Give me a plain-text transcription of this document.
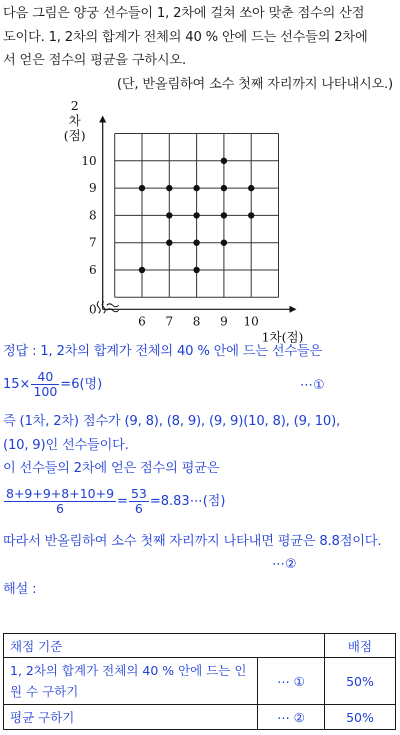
다음 그림은 양궁 선수들이 1, 2차에 걸쳐 쏘아 맞춘 점수의 산점

도이다. 1, 2차의 합계가 전체의 40 % 안에 드는 선수들의 2차에

서 얻은 점수의 평균을 구하시오.

(단, 반올림하여 소수 첫째 자리까지 나타내시오.)

6 7 8 9 10
6
7
8
9
10
0
1차(점)
2
차
(점)

정답 : 1, 2차의 합계가 전체의 40 % 안에 드는 선수들은

$15\times \frac{40}{100} =6$(명)	⋯①

즉 (1차, 2차) 점수가 (9, 8), (8, 9), (9, 9)(10, 8), (9, 10),

(10, 9)인 선수들이다.

이 선수들의 2차에 얻은 점수의 평균은

$\frac{8+9+9+8+10+9}{6} = \frac{53}{6}$ =8.83⋯(점)

따라서 반올림하여 소수 첫째 자리까지 나타내면 평균은 8.8점이다.

⋯②

해설 :

채점 기준		배점
1, 2차의 합계가 전체의 40 % 안에 드는 인원 수 구하기	⋯ ①	50%
평균 구하기	⋯ ②	50%
